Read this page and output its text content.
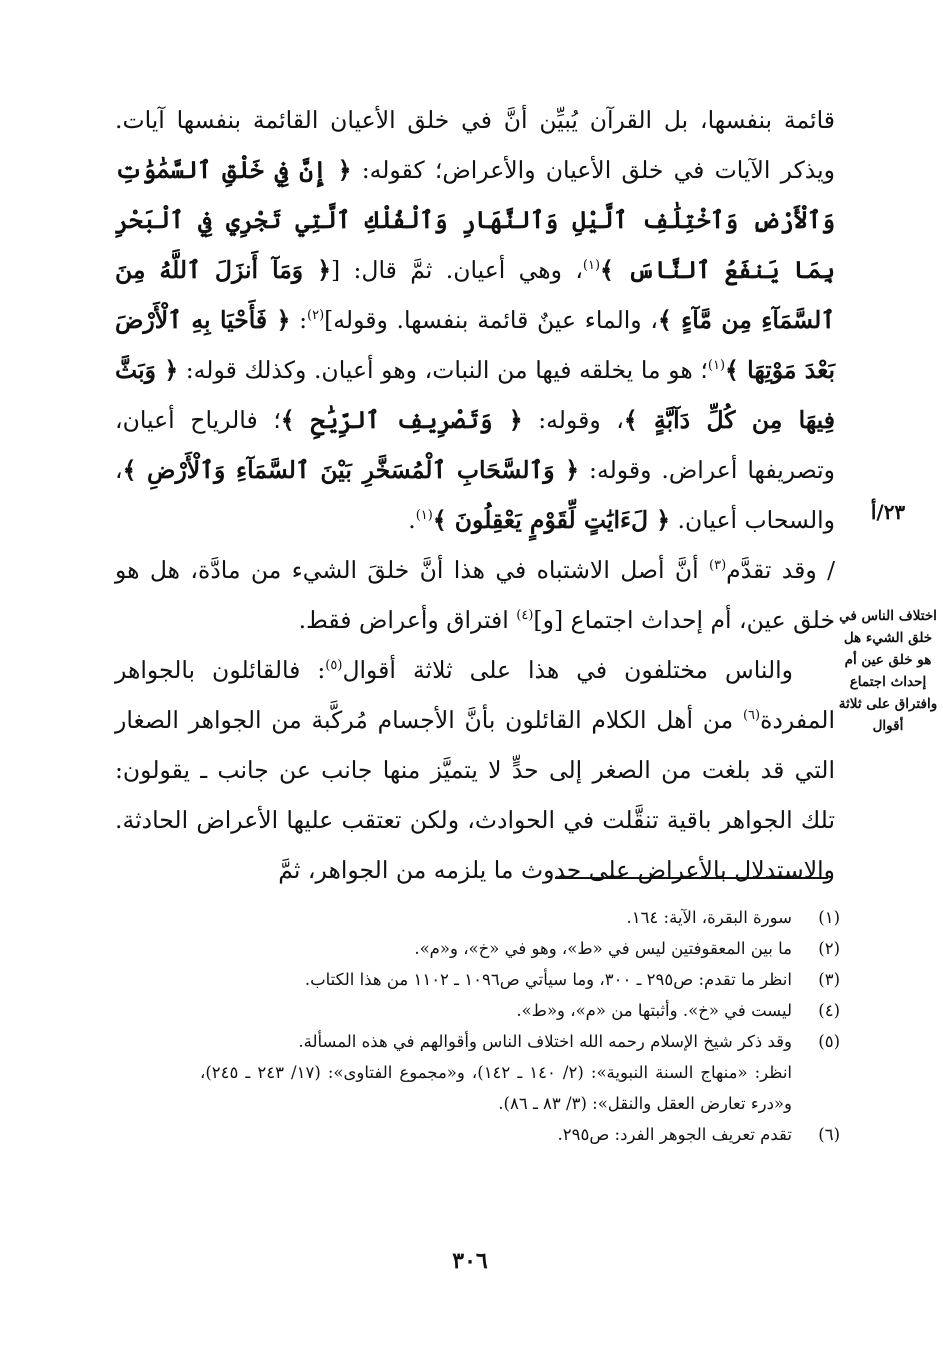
قائمة بنفسها، بل القرآن يُبيِّن أنَّ في خلق الأعيان القائمة بنفسها آيات. ويذكر الآيات في خلق الأعيان والأعراض؛ كقوله: ﴿ إِنَّ فِي خَلْقِ ٱلسَّمَٰوَٰتِ وَٱلْأَرْضِ وَٱخْتِلَٰفِ ٱلَّيْلِ وَٱلنَّهَارِ وَٱلْفُلْكِ ٱلَّتِي تَجْرِي فِي ٱلْبَحْرِ بِمَا يَنفَعُ ٱلنَّاسَ ﴾$^{(١)}$، وهي أعيان. ثمَّ قال: [﴿ وَمَآ أَنزَلَ ٱللَّهُ مِنَ ٱلسَّمَآءِ مِن مَّآءٍ ﴾، والماء عينٌ قائمة بنفسها. وقوله]$^{(٢)}$: ﴿ فَأَحْيَا بِهِ ٱلْأَرْضَ بَعْدَ مَوْتِهَا ﴾$^{(١)}$؛ هو ما يخلقه فيها من النبات، وهو أعيان. وكذلك قوله: ﴿ وَبَثَّ فِيهَا مِن كُلِّ دَآبَّةٍ ﴾، وقوله: ﴿ وَتَصْرِيفِ ٱلرِّيَٰحِ ﴾؛ فالرياح أعيان، وتصريفها أعراض. وقوله: ﴿ وَٱلسَّحَابِ ٱلْمُسَخَّرِ بَيْنَ ٱلسَّمَآءِ وَٱلْأَرْضِ ﴾، والسحاب أعيان. ﴿ لَءَايَٰتٍ لِّقَوْمٍ يَعْقِلُونَ ﴾$^{(١)}$.

/ وقد تقدَّم$^{(٣)}$ أنَّ أصل الاشتباه في هذا أنَّ خلقَ الشيء من مادَّة، هل هو خلق عين، أم إحداث اجتماع [و]$^{(٤)}$ افتراق وأعراض فقط.

والناس مختلفون في هذا على ثلاثة أقوال$^{(٥)}$: فالقائلون بالجواهر المفردة$^{(٦)}$ من أهل الكلام القائلون بأنَّ الأجسام مُركَّبة من الجواهر الصغار التي قد بلغت من الصغر إلى حدٍّ لا يتميَّز منها جانب عن جانب ـ يقولون: تلك الجواهر باقية تنقَّلت في الحوادث، ولكن تعتقب عليها الأعراض الحادثة. والاستدلال بالأعراض على حدوث ما يلزمه من الجواهر، ثمَّ

٢٣/أ
اختلاف الناس في خلق الشيء هل هو خلق عين أم إحداث اجتماع وافتراق على ثلاثة أقوال
(١)
سورة البقرة، الآية: ١٦٤.
(٢)
ما بين المعقوفتين ليس في «ط»، وهو في «خ»، و«م».
(٣)
انظر ما تقدم: ص٢٩٥ ـ ٣٠٠، وما سيأتي ص١٠٩٦ ـ ١١٠٢ من هذا الكتاب.
(٤)
ليست في «خ». وأثبتها من «م»، و«ط».
(٥)
وقد ذكر شيخ الإسلام رحمه الله اختلاف الناس وأقوالهم في هذه المسألة.
انظر: «منهاج السنة النبوية»: (٢/ ١٤٠ ـ ١٤٢)، و«مجموع الفتاوى»: (١٧/ ٢٤٣ ـ ٢٤٥)، و«درء تعارض العقل والنقل»: (٣/ ٨٣ ـ ٨٦).
(٦)
تقدم تعريف الجوهر الفرد: ص٢٩٥.
٣٠٦
